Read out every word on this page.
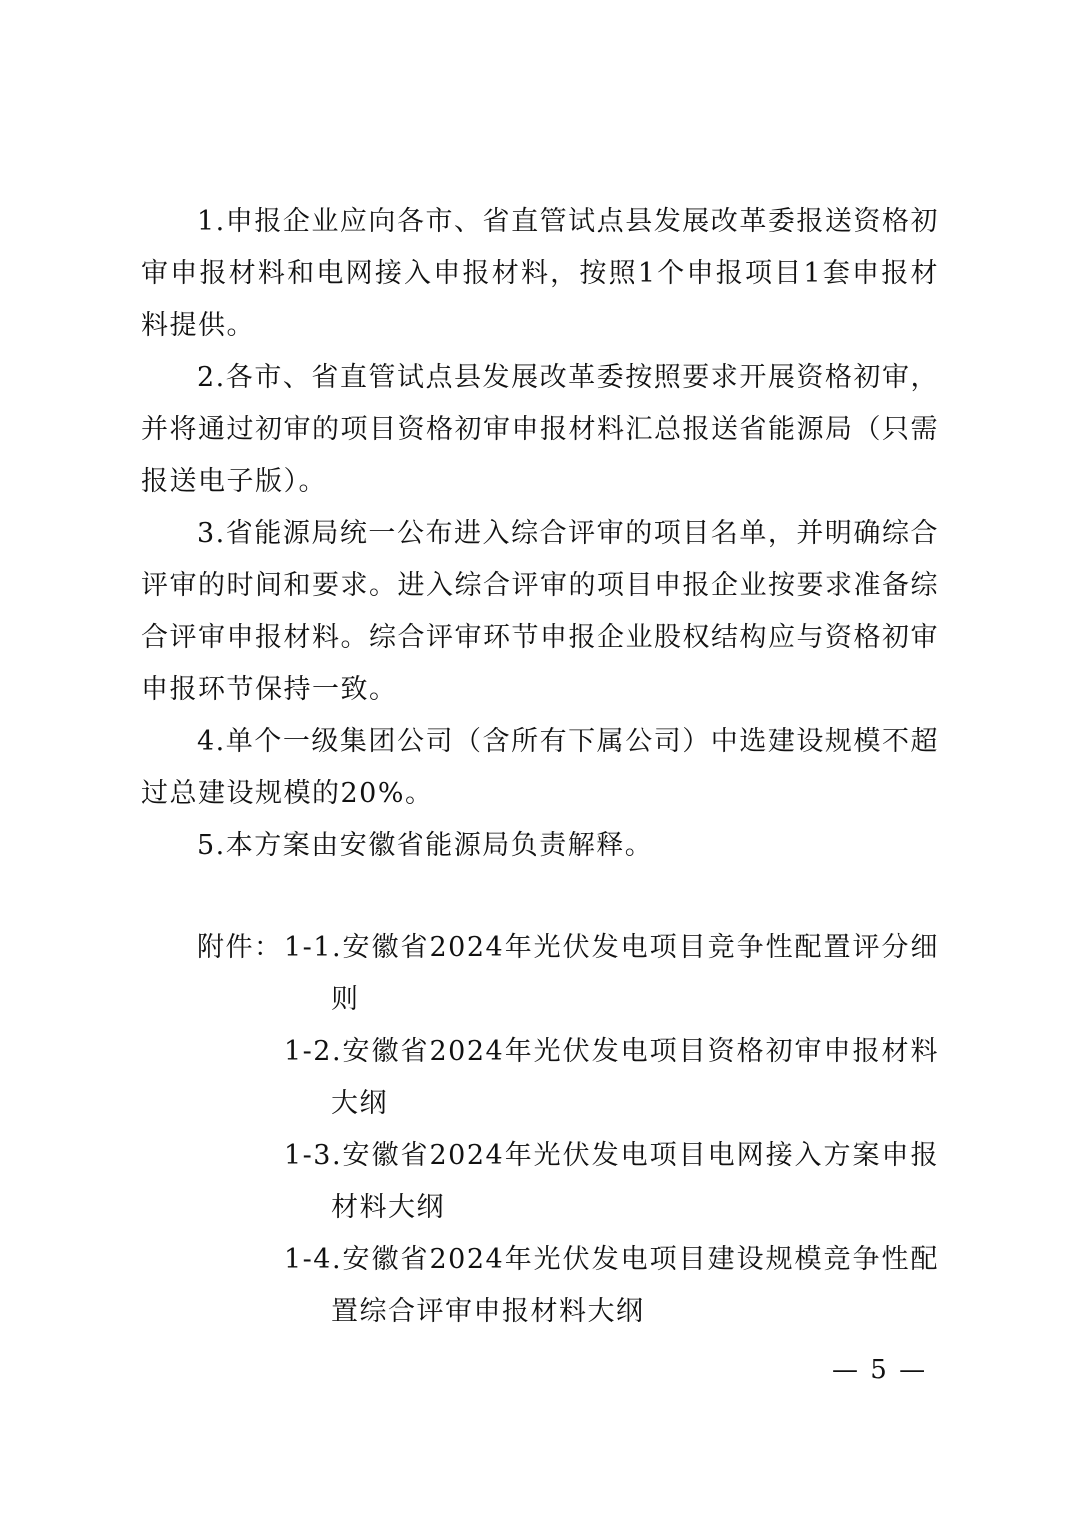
1.申报企业应向各市、省直管试点县发展改革委报送资格初审申报材料和电网接入申报材料，按照1个申报项目1套申报材料提供。

2.各市、省直管试点县发展改革委按照要求开展资格初审，并将通过初审的项目资格初审申报材料汇总报送省能源局（只需报送电子版）。

3.省能源局统一公布进入综合评审的项目名单，并明确综合评审的时间和要求。进入综合评审的项目申报企业按要求准备综合评审申报材料。综合评审环节申报企业股权结构应与资格初审申报环节保持一致。

4.单个一级集团公司（含所有下属公司）中选建设规模不超过总建设规模的20%。

5.本方案由安徽省能源局负责解释。

附件： 1-1.安徽省2024年光伏发电项目竞争性配置评分细则
1-2.安徽省2024年光伏发电项目资格初审申报材料大纲
1-3.安徽省2024年光伏发电项目电网接入方案申报材料大纲
1-4.安徽省2024年光伏发电项目建设规模竞争性配置综合评审申报材料大纲
— 5 —
